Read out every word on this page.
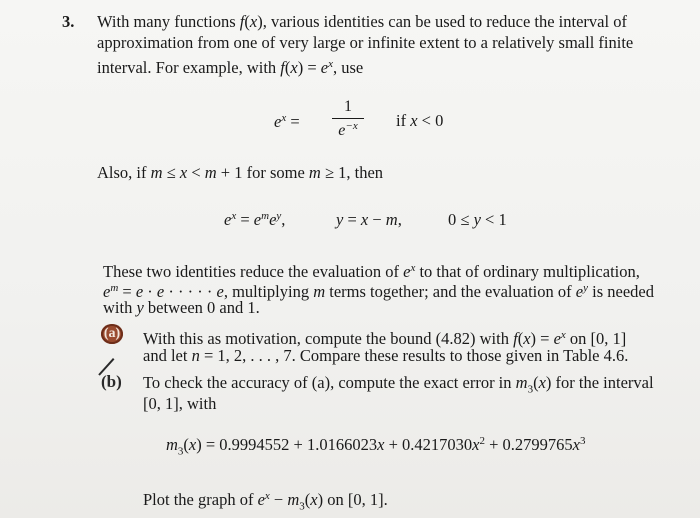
3. With many functions f(x), various identities can be used to reduce the interval of
approximation from one of very large or infinite extent to a relatively small finite
interval. For example, with $f(x) = e^x$, use
$e^x$ =
1
$e^{-x}$	if x < 0
Also, if m ≤ x < m + 1 for some m ≥ 1, then
$e^x = e^me^y$,	y = x − m,	0 ≤ y < 1
These two identities reduce the evaluation of $e^x$ to that of ordinary multiplication,
$e^m = e \cdot e$ · · · · · e, multiplying m terms together; and the evaluation of $e^y$ is needed
with y between 0 and 1.
(a) With this as motivation, compute the bound (4.82) with $f(x) = e^x$ on [0, 1]
and let n = 1, 2, . . . , 7. Compare these results to those given in Table 4.6.
(b) To check the accuracy of (a), compute the exact error in $m_3(x)$ for the interval
[0, 1], with
$m_3(x) = 0.9994552 + 1.0166023x + 0.4217030x^2 + 0.2799765x^3$
Plot the graph of $e^x - m_3(x)$ on [0, 1].
